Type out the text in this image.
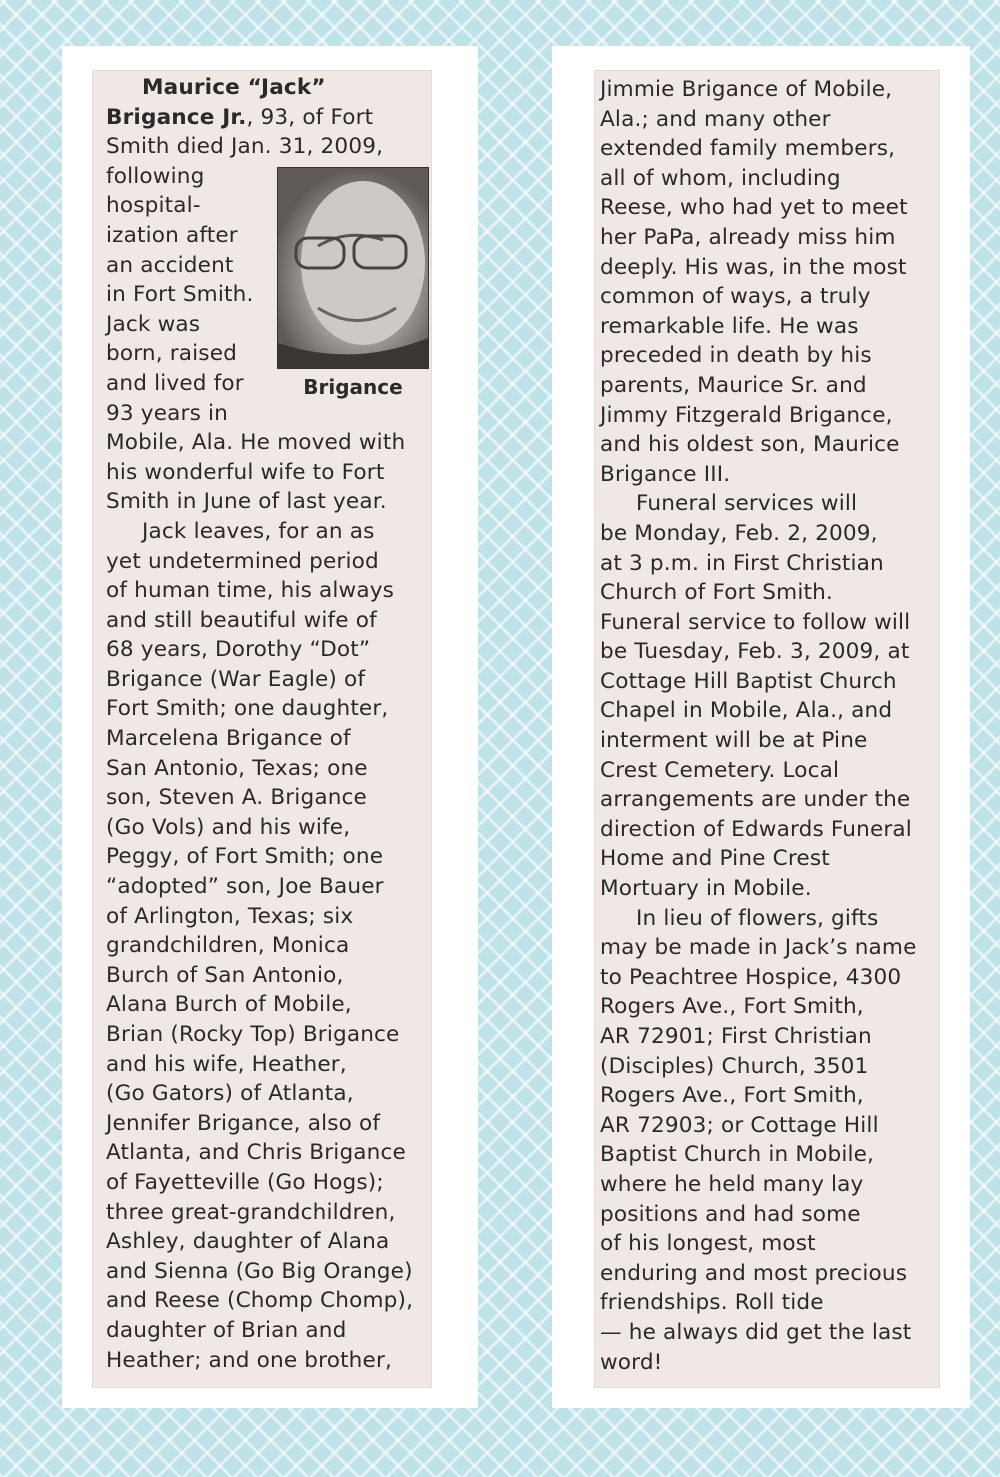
Brigance
Maurice “Jack”
Brigance Jr., 93, of Fort
Smith died Jan. 31, 2009,
following
hospital-
ization after
an accident
in Fort Smith.
Jack was
born, raised
and lived for
93 years in
Mobile, Ala. He moved with
his wonderful wife to Fort
Smith in June of last year.
Jack leaves, for an as
yet undetermined period
of human time, his always
and still beautiful wife of
68 years, Dorothy “Dot”
Brigance (War Eagle) of
Fort Smith; one daughter,
Marcelena Brigance of
San Antonio, Texas; one
son, Steven A. Brigance
(Go Vols) and his wife,
Peggy, of Fort Smith; one
“adopted” son, Joe Bauer
of Arlington, Texas; six
grandchildren, Monica
Burch of San Antonio,
Alana Burch of Mobile,
Brian (Rocky Top) Brigance
and his wife, Heather,
(Go Gators) of Atlanta,
Jennifer Brigance, also of
Atlanta, and Chris Brigance
of Fayetteville (Go Hogs);
three great-grandchildren,
Ashley, daughter of Alana
and Sienna (Go Big Orange)
and Reese (Chomp Chomp),
daughter of Brian and
Heather; and one brother,
Jimmie Brigance of Mobile,
Ala.; and many other
extended family members,
all of whom, including
Reese, who had yet to meet
her PaPa, already miss him
deeply. His was, in the most
common of ways, a truly
remarkable life. He was
preceded in death by his
parents, Maurice Sr. and
Jimmy Fitzgerald Brigance,
and his oldest son, Maurice
Brigance III.
Funeral services will
be Monday, Feb. 2, 2009,
at 3 p.m. in First Christian
Church of Fort Smith.
Funeral service to follow will
be Tuesday, Feb. 3, 2009, at
Cottage Hill Baptist Church
Chapel in Mobile, Ala., and
interment will be at Pine
Crest Cemetery. Local
arrangements are under the
direction of Edwards Funeral
Home and Pine Crest
Mortuary in Mobile.
In lieu of flowers, gifts
may be made in Jack’s name
to Peachtree Hospice, 4300
Rogers Ave., Fort Smith,
AR 72901; First Christian
(Disciples) Church, 3501
Rogers Ave., Fort Smith,
AR 72903; or Cottage Hill
Baptist Church in Mobile,
where he held many lay
positions and had some
of his longest, most
enduring and most precious
friendships. Roll tide
— he always did get the last
word!
